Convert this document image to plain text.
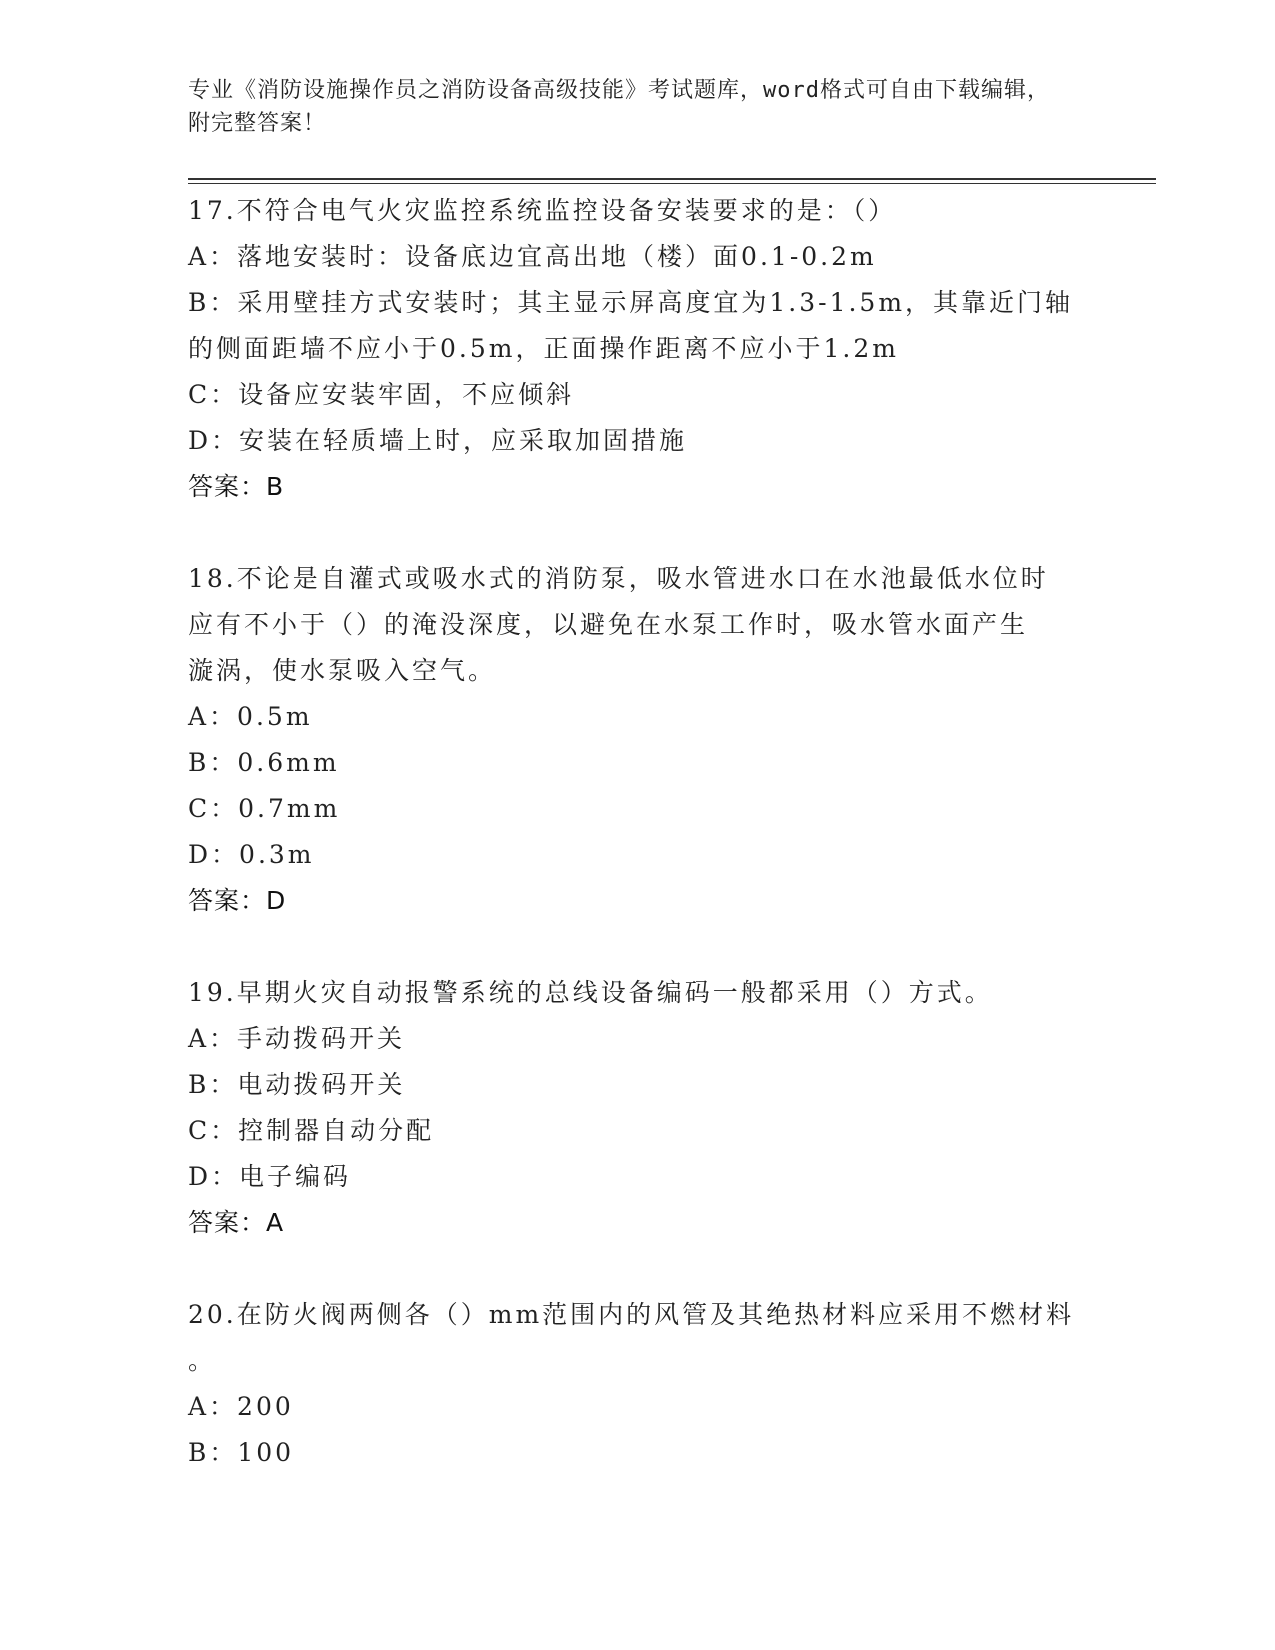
专业《消防设施操作员之消防设备高级技能》考试题库，word格式可自由下载编辑，附完整答案！
17.不符合电气火灾监控系统监控设备安装要求的是：（）
A：落地安装时：设备底边宜高出地（楼）面0.1-0.2m
B：采用壁挂方式安装时；其主显示屏高度宜为1.3-1.5m，其靠近门轴
的侧面距墙不应小于0.5m，正面操作距离不应小于1.2m
C：设备应安装牢固，不应倾斜
D：安装在轻质墙上时，应采取加固措施
答案：B
18.不论是自灌式或吸水式的消防泵，吸水管进水口在水池最低水位时
应有不小于（）的淹没深度，以避免在水泵工作时，吸水管水面产生
漩涡，使水泵吸入空气。
A：0.5m
B：0.6mm
C：0.7mm
D：0.3m
答案：D
19.早期火灾自动报警系统的总线设备编码一般都采用（）方式。
A：手动拨码开关
B：电动拨码开关
C：控制器自动分配
D：电子编码
答案：A
20.在防火阀两侧各（）mm范围内的风管及其绝热材料应采用不燃材料
。
A：200
B：100
